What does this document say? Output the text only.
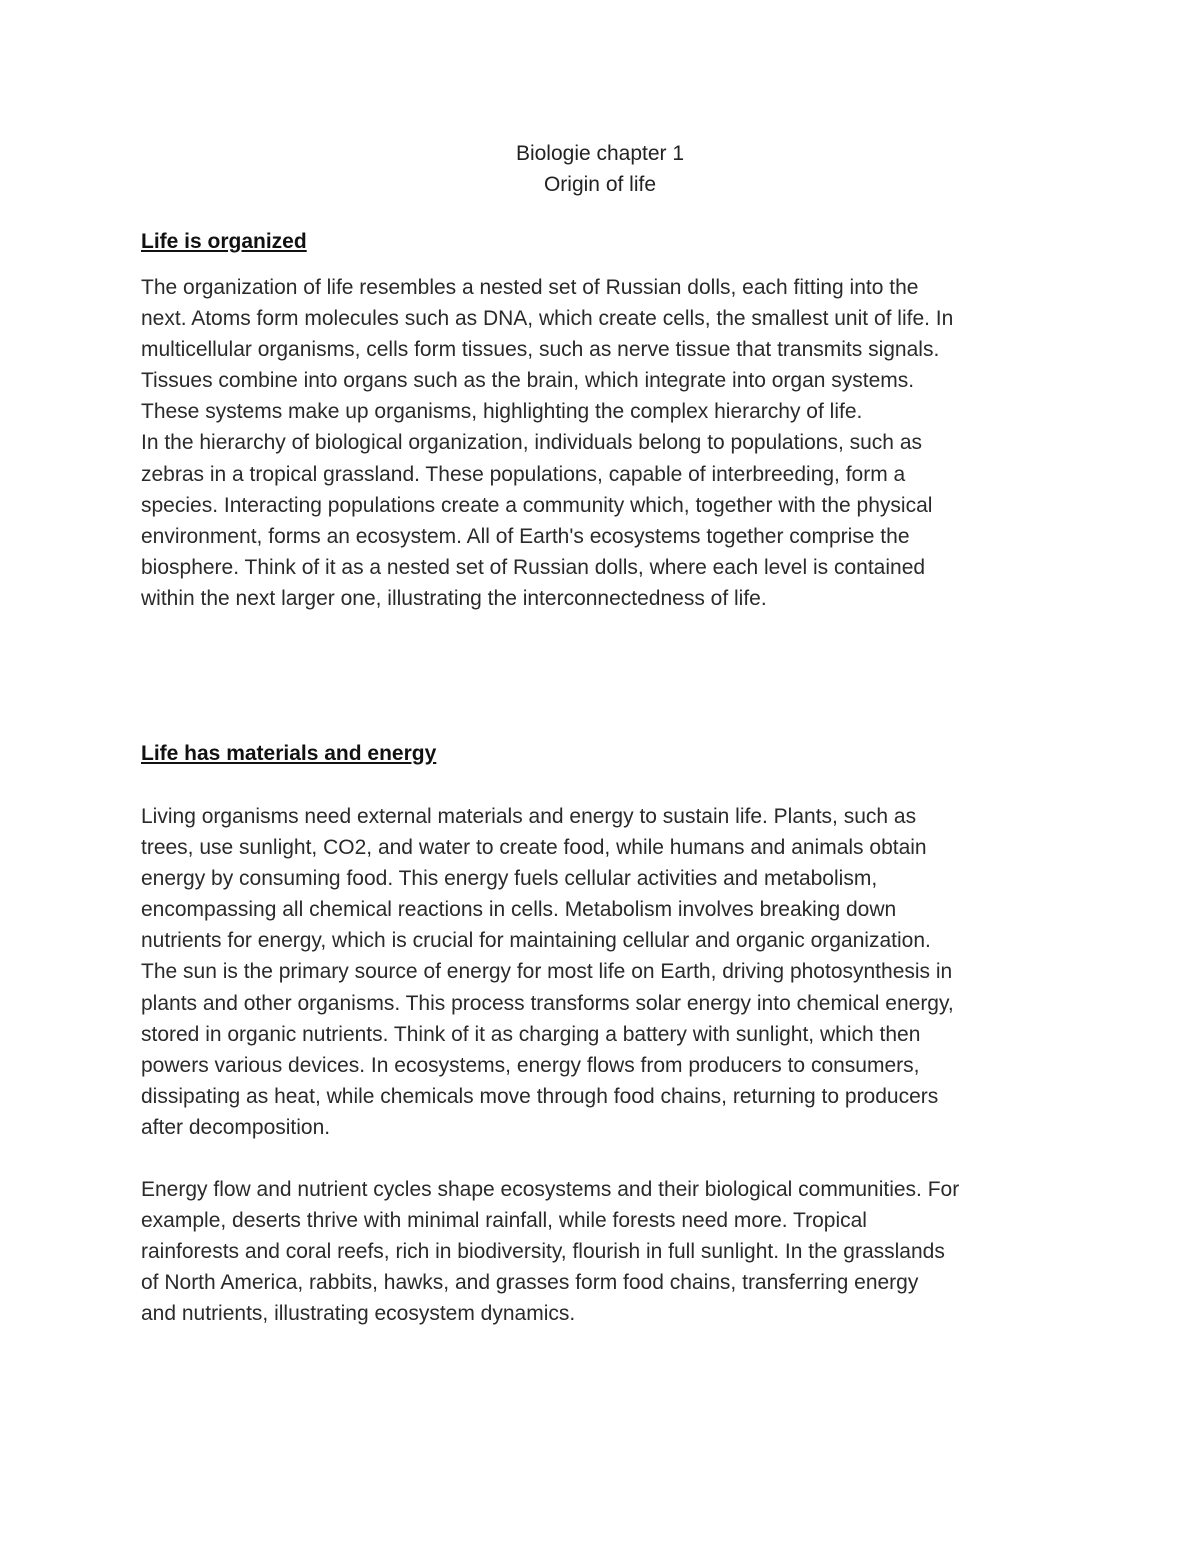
Biologie chapter 1
Origin of life
Life is organized

The organization of life resembles a nested set of Russian dolls, each fitting into the
next. Atoms form molecules such as DNA, which create cells, the smallest unit of life. In
multicellular organisms, cells form tissues, such as nerve tissue that transmits signals.
Tissues combine into organs such as the brain, which integrate into organ systems.
These systems make up organisms, highlighting the complex hierarchy of life.
In the hierarchy of biological organization, individuals belong to populations, such as
zebras in a tropical grassland. These populations, capable of interbreeding, form a
species. Interacting populations create a community which, together with the physical
environment, forms an ecosystem. All of Earth's ecosystems together comprise the
biosphere. Think of it as a nested set of Russian dolls, where each level is contained
within the next larger one, illustrating the interconnectedness of life.

Life has materials and energy

Living organisms need external materials and energy to sustain life. Plants, such as
trees, use sunlight, CO2, and water to create food, while humans and animals obtain
energy by consuming food. This energy fuels cellular activities and metabolism,
encompassing all chemical reactions in cells. Metabolism involves breaking down
nutrients for energy, which is crucial for maintaining cellular and organic organization.
The sun is the primary source of energy for most life on Earth, driving photosynthesis in
plants and other organisms. This process transforms solar energy into chemical energy,
stored in organic nutrients. Think of it as charging a battery with sunlight, which then
powers various devices. In ecosystems, energy flows from producers to consumers,
dissipating as heat, while chemicals move through food chains, returning to producers
after decomposition.

Energy flow and nutrient cycles shape ecosystems and their biological communities. For
example, deserts thrive with minimal rainfall, while forests need more. Tropical
rainforests and coral reefs, rich in biodiversity, flourish in full sunlight. In the grasslands
of North America, rabbits, hawks, and grasses form food chains, transferring energy
and nutrients, illustrating ecosystem dynamics.
